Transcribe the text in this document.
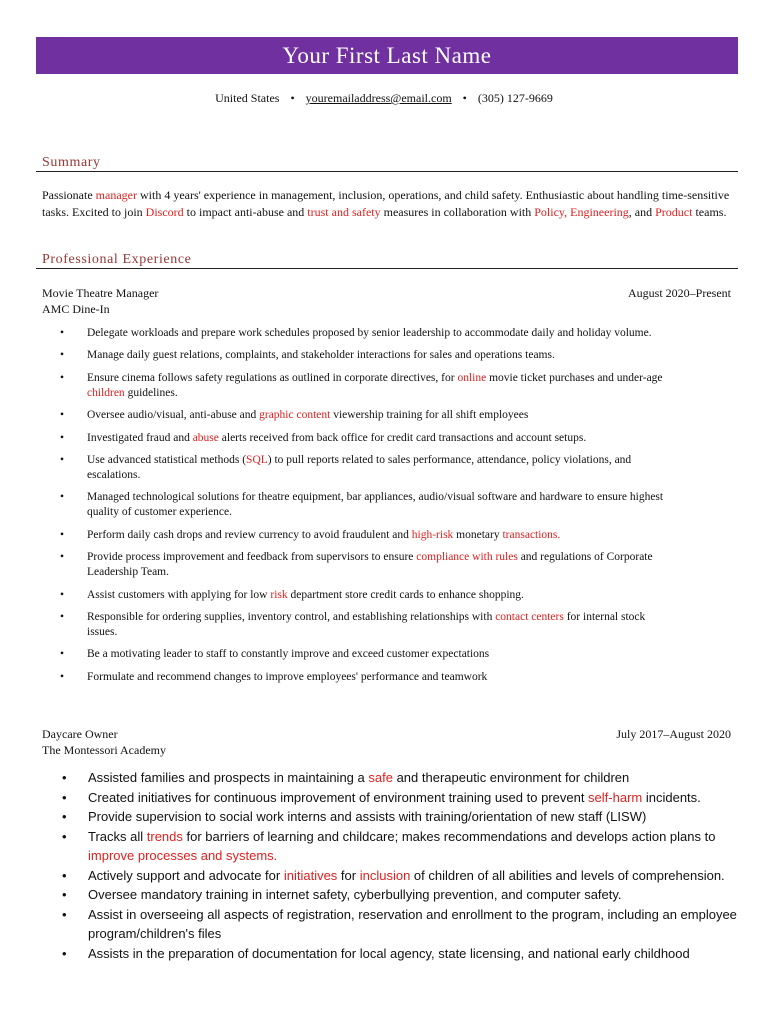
Your First Last Name
United States • youremailaddress@email.com • (305) 127-9669
Summary
Passionate manager with 4 years' experience in management, inclusion, operations, and child safety. Enthusiastic about handling time-sensitive tasks. Excited to join Discord to impact anti-abuse and trust and safety measures in collaboration with Policy, Engineering, and Product teams.
Professional Experience
Movie Theatre Manager	August 2020–Present
AMC Dine-In
• Delegate workloads and prepare work schedules proposed by senior leadership to accommodate daily and holiday volume.
• Manage daily guest relations, complaints, and stakeholder interactions for sales and operations teams.
• Ensure cinema follows safety regulations as outlined in corporate directives, for online movie ticket purchases and under-age children guidelines.
• Oversee audio/visual, anti-abuse and graphic content viewership training for all shift employees
• Investigated fraud and abuse alerts received from back office for credit card transactions and account setups.
• Use advanced statistical methods (SQL) to pull reports related to sales performance, attendance, policy violations, and escalations.
• Managed technological solutions for theatre equipment, bar appliances, audio/visual software and hardware to ensure highest quality of customer experience.
• Perform daily cash drops and review currency to avoid fraudulent and high-risk monetary transactions.
• Provide process improvement and feedback from supervisors to ensure compliance with rules and regulations of Corporate Leadership Team.
• Assist customers with applying for low risk department store credit cards to enhance shopping.
• Responsible for ordering supplies, inventory control, and establishing relationships with contact centers for internal stock issues.
• Be a motivating leader to staff to constantly improve and exceed customer expectations
• Formulate and recommend changes to improve employees' performance and teamwork
Daycare Owner	July 2017–August 2020
The Montessori Academy
• Assisted families and prospects in maintaining a safe and therapeutic environment for children
• Created initiatives for continuous improvement of environment training used to prevent self-harm incidents.
• Provide supervision to social work interns and assists with training/orientation of new staff (LISW)
• Tracks all trends for barriers of learning and childcare; makes recommendations and develops action plans to improve processes and systems.
• Actively support and advocate for initiatives for inclusion of children of all abilities and levels of comprehension.
• Oversee mandatory training in internet safety, cyberbullying prevention, and computer safety.
• Assist in overseeing all aspects of registration, reservation and enrollment to the program, including an employee program/children's files
• Assists in the preparation of documentation for local agency, state licensing, and national early childhood
